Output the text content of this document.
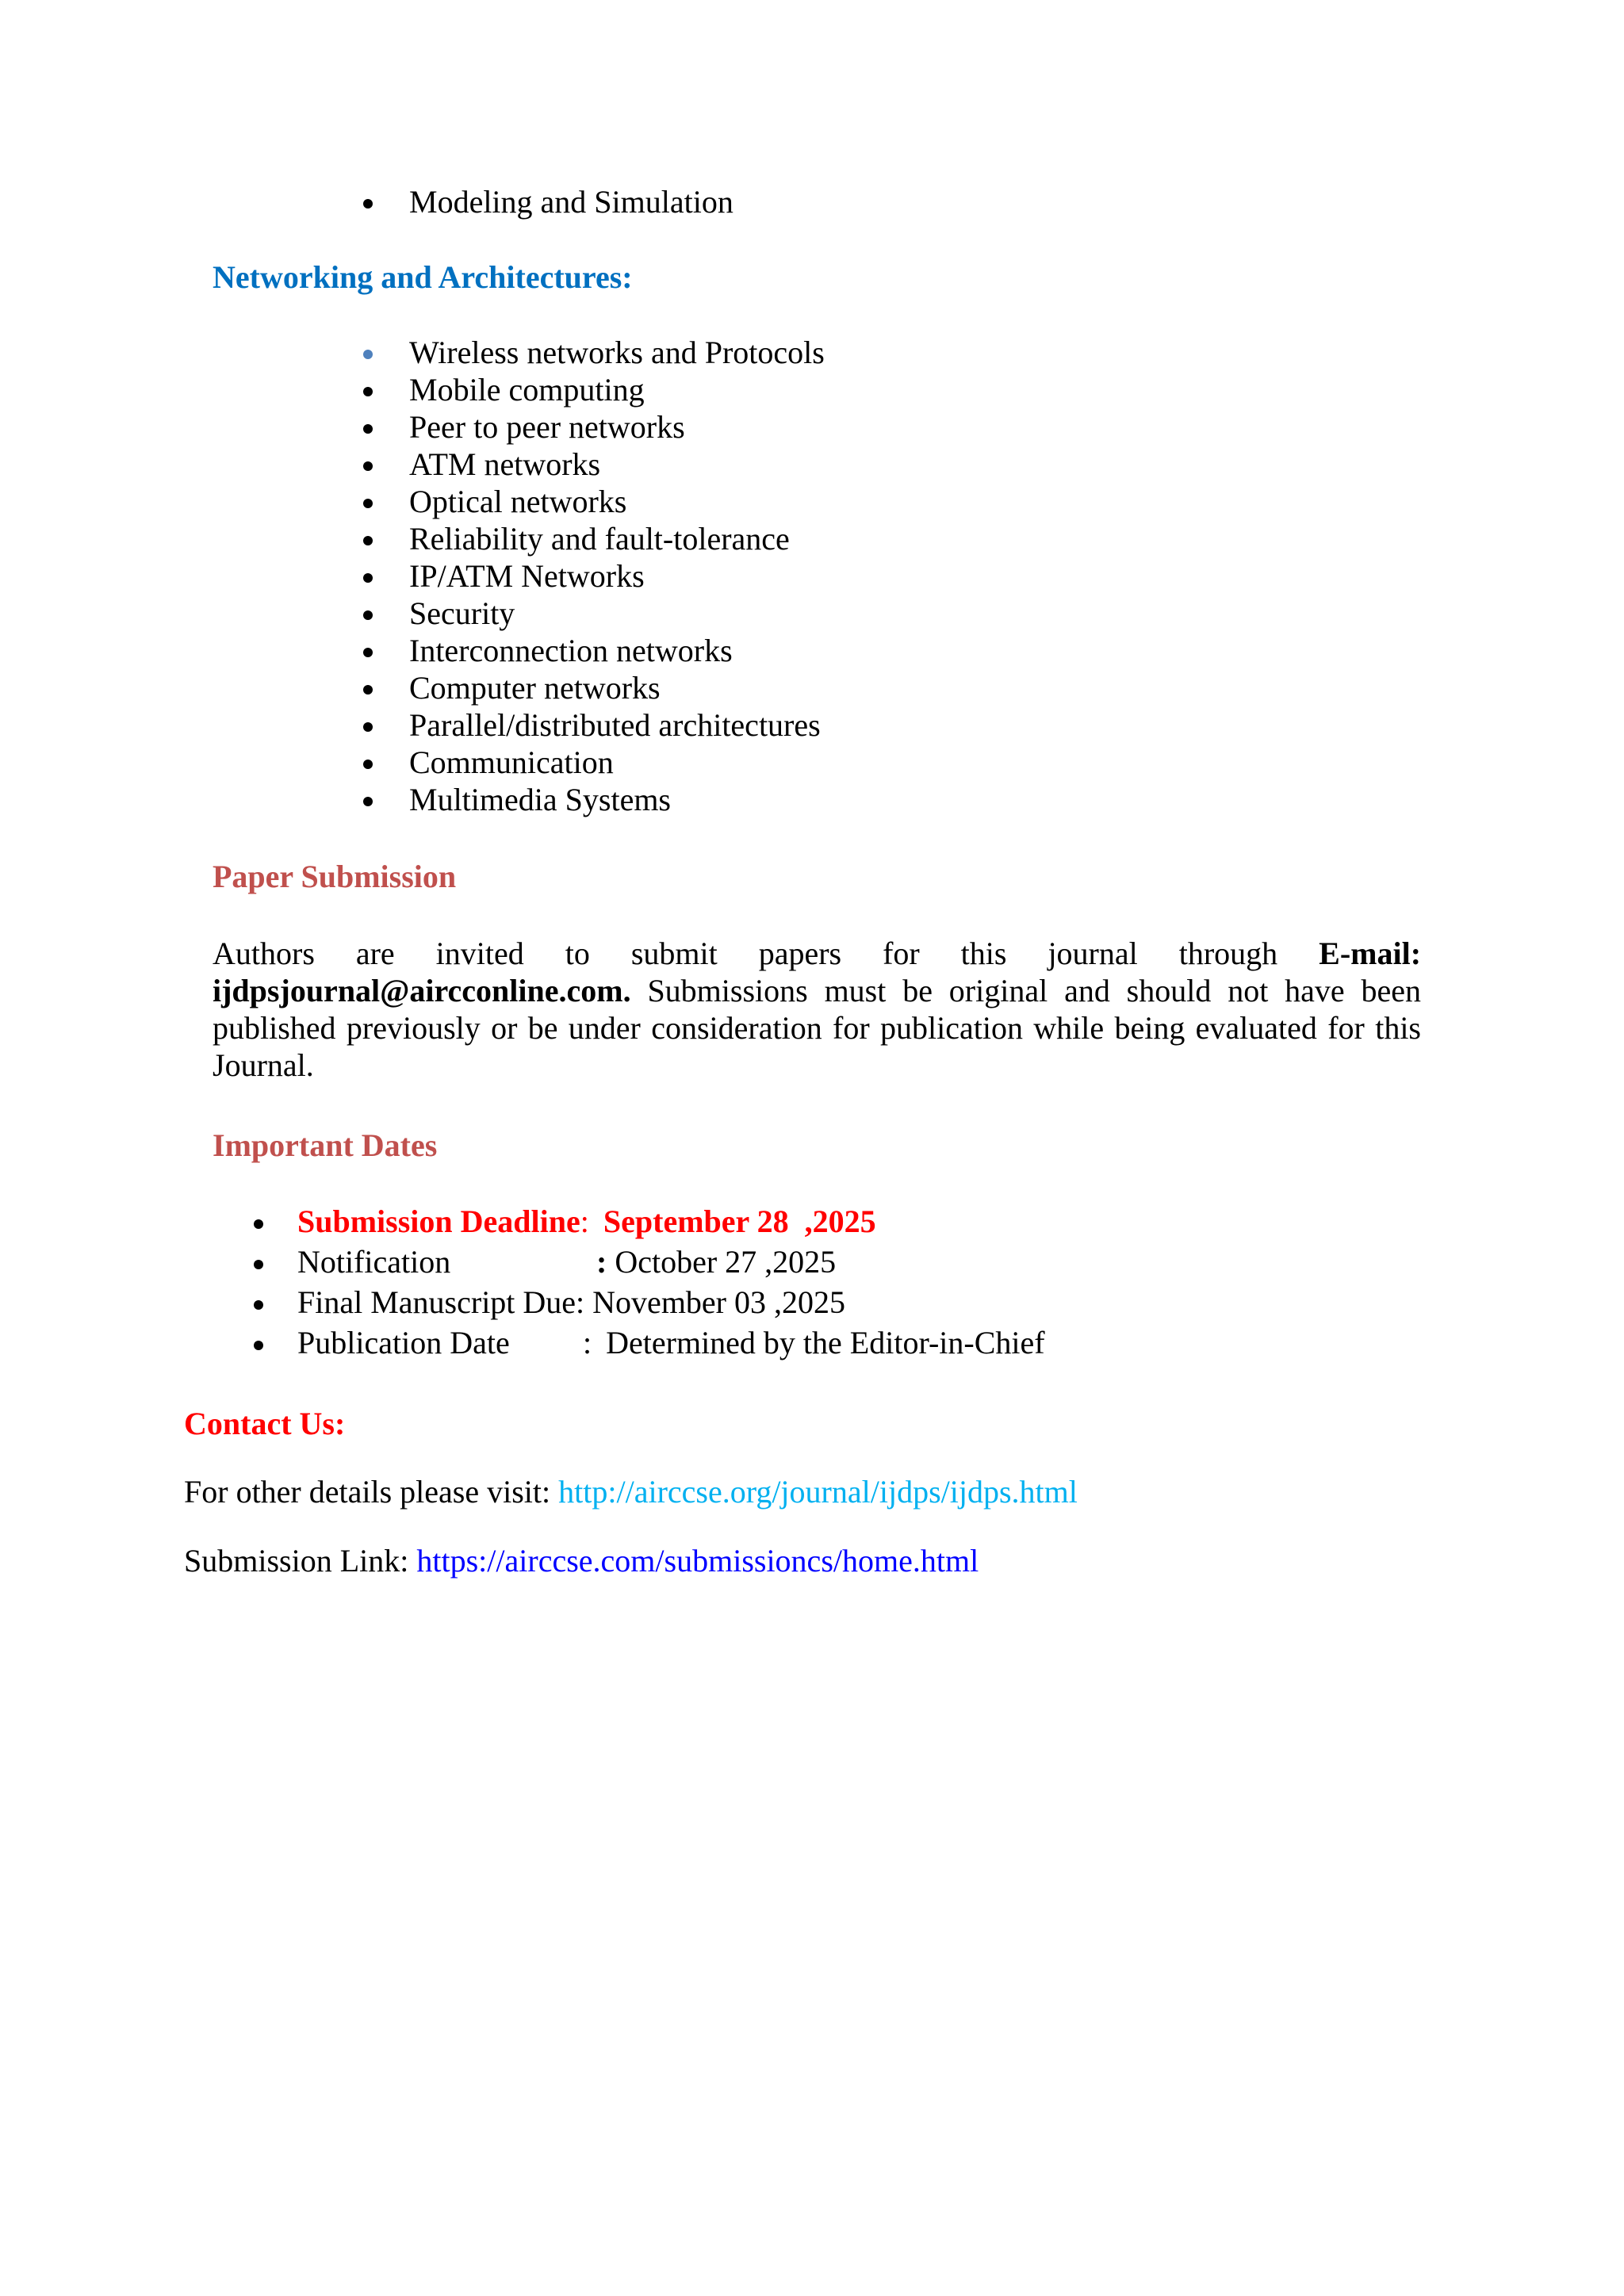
Modeling and Simulation
Networking and Architectures:
Wireless networks and Protocols
Mobile computing
Peer to peer networks
ATM networks
Optical networks
Reliability and fault-tolerance
IP/ATM Networks
Security
Interconnection networks
Computer networks
Parallel/distributed architectures
Communication
Multimedia Systems
Paper Submission
Authors are invited to submit papers for this journal through E-mail: ijdpsjournal@aircconline.com. Submissions must be original and should not have been published previously or be under consideration for publication while being evaluated for this Journal.
Important Dates
Submission Deadline: September 28  ,2025
Notification	: October 27 ,2025
Final Manuscript Due: November 03 ,2025
Publication Date : Determined by the Editor-in-Chief
Contact Us:
For other details please visit: http://airccse.org/journal/ijdps/ijdps.html
Submission Link: https://airccse.com/submissioncs/home.html
